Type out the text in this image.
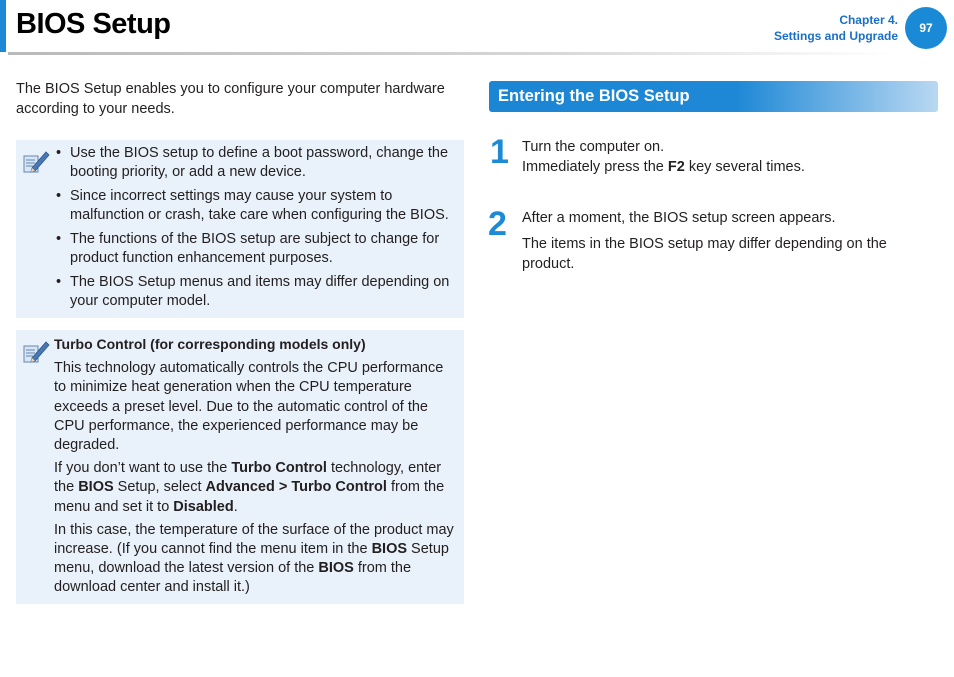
BIOS Setup	Chapter 4.
Settings and Upgrade
97
The BIOS Setup enables you to configure your computer hardware according to your needs.
• Use the BIOS setup to define a boot password, change the booting priority, or add a new device.
• Since incorrect settings may cause your system to malfunction or crash, take care when configuring the BIOS.
• The functions of the BIOS setup are subject to change for product function enhancement purposes.
• The BIOS Setup menus and items may differ depending on your computer model.
Turbo Control (for corresponding models only)

This technology automatically controls the CPU performance to minimize heat generation when the CPU temperature exceeds a preset level. Due to the automatic control of the CPU performance, the experienced performance may be degraded.

If you don’t want to use the Turbo Control technology, enter the BIOS Setup, select Advanced > Turbo Control from the menu and set it to Disabled.

In this case, the temperature of the surface of the product may increase. (If you cannot find the menu item in the BIOS Setup menu, download the latest version of the BIOS from the download center and install it.)

Entering the BIOS Setup
1 Turn the computer on.
Immediately press the F2 key several times.
2 After a moment, the BIOS setup screen appears.
The items in the BIOS setup may differ depending on the product.
